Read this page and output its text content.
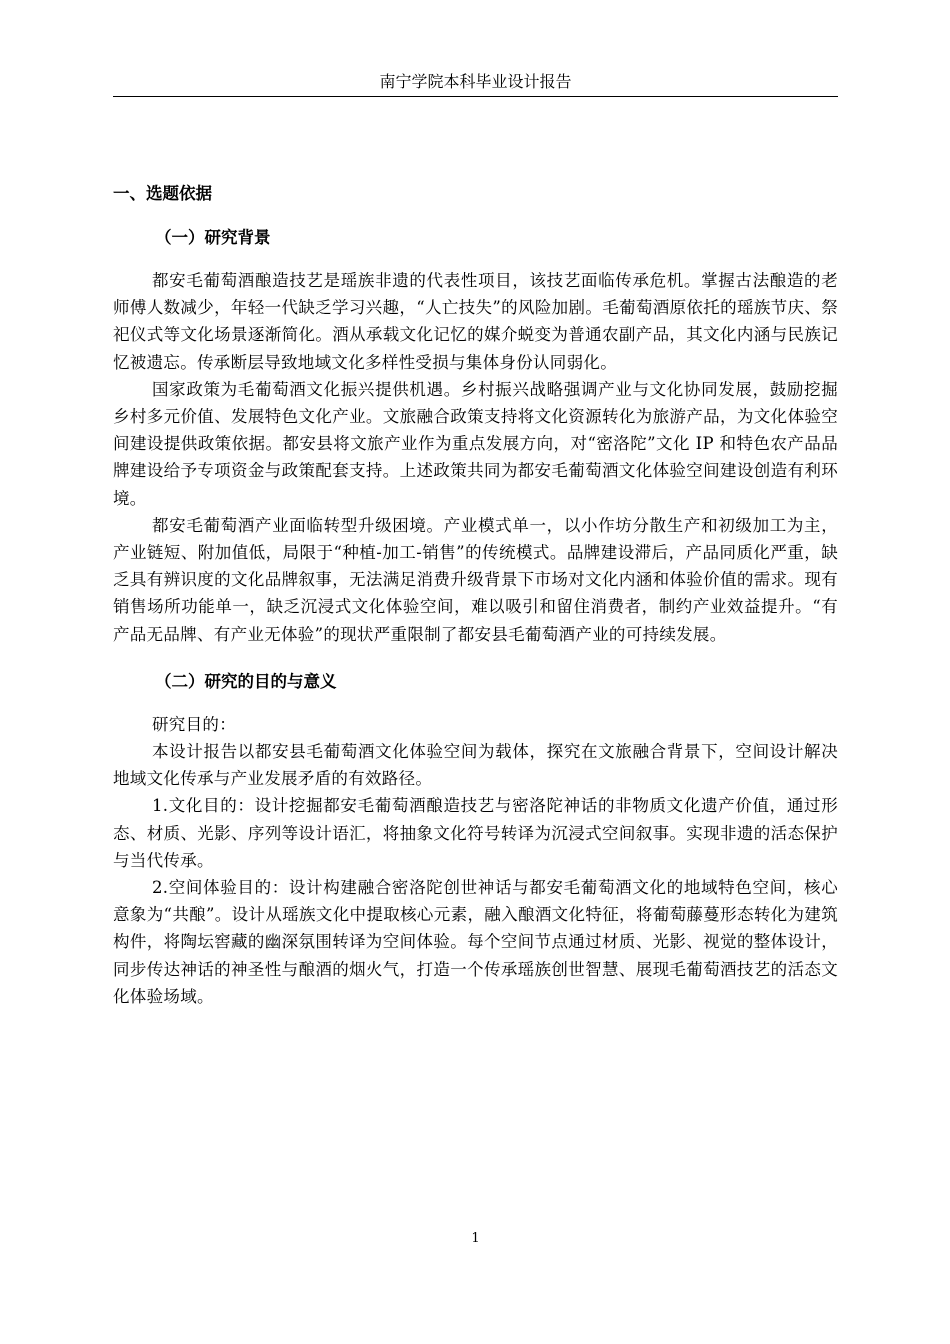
南宁学院本科毕业设计报告
一、选题依据
（一）研究背景

都安毛葡萄酒酿造技艺是瑶族非遗的代表性项目，该技艺面临传承危机。掌握古法酿造的老师傅人数减少，年轻一代缺乏学习兴趣，“人亡技失”的风险加剧。毛葡萄酒原依托的瑶族节庆、祭祀仪式等文化场景逐渐简化。酒从承载文化记忆的媒介蜕变为普通农副产品，其文化内涵与民族记忆被遗忘。传承断层导致地域文化多样性受损与集体身份认同弱化。

国家政策为毛葡萄酒文化振兴提供机遇。乡村振兴战略强调产业与文化协同发展，鼓励挖掘乡村多元价值、发展特色文化产业。文旅融合政策支持将文化资源转化为旅游产品，为文化体验空间建设提供政策依据。都安县将文旅产业作为重点发展方向，对“密洛陀”文化 IP 和特色农产品品牌建设给予专项资金与政策配套支持。上述政策共同为都安毛葡萄酒文化体验空间建设创造有利环境。

都安毛葡萄酒产业面临转型升级困境。产业模式单一，以小作坊分散生产和初级加工为主，产业链短、附加值低，局限于“种植-加工-销售”的传统模式。品牌建设滞后，产品同质化严重，缺乏具有辨识度的文化品牌叙事，无法满足消费升级背景下市场对文化内涵和体验价值的需求。现有销售场所功能单一，缺乏沉浸式文化体验空间，难以吸引和留住消费者，制约产业效益提升。“有产品无品牌、有产业无体验”的现状严重限制了都安县毛葡萄酒产业的可持续发展。

（二）研究的目的与意义

研究目的：

本设计报告以都安县毛葡萄酒文化体验空间为载体，探究在文旅融合背景下，空间设计解决地域文化传承与产业发展矛盾的有效路径。

1.文化目的：设计挖掘都安毛葡萄酒酿造技艺与密洛陀神话的非物质文化遗产价值，通过形态、材质、光影、序列等设计语汇，将抽象文化符号转译为沉浸式空间叙事。实现非遗的活态保护与当代传承。

2.空间体验目的：设计构建融合密洛陀创世神话与都安毛葡萄酒文化的地域特色空间，核心意象为“共酿”。设计从瑶族文化中提取核心元素，融入酿酒文化特征，将葡萄藤蔓形态转化为建筑构件，将陶坛窖藏的幽深氛围转译为空间体验。每个空间节点通过材质、光影、视觉的整体设计，同步传达神话的神圣性与酿酒的烟火气，打造一个传承瑶族创世智慧、展现毛葡萄酒技艺的活态文化体验场域。

1
